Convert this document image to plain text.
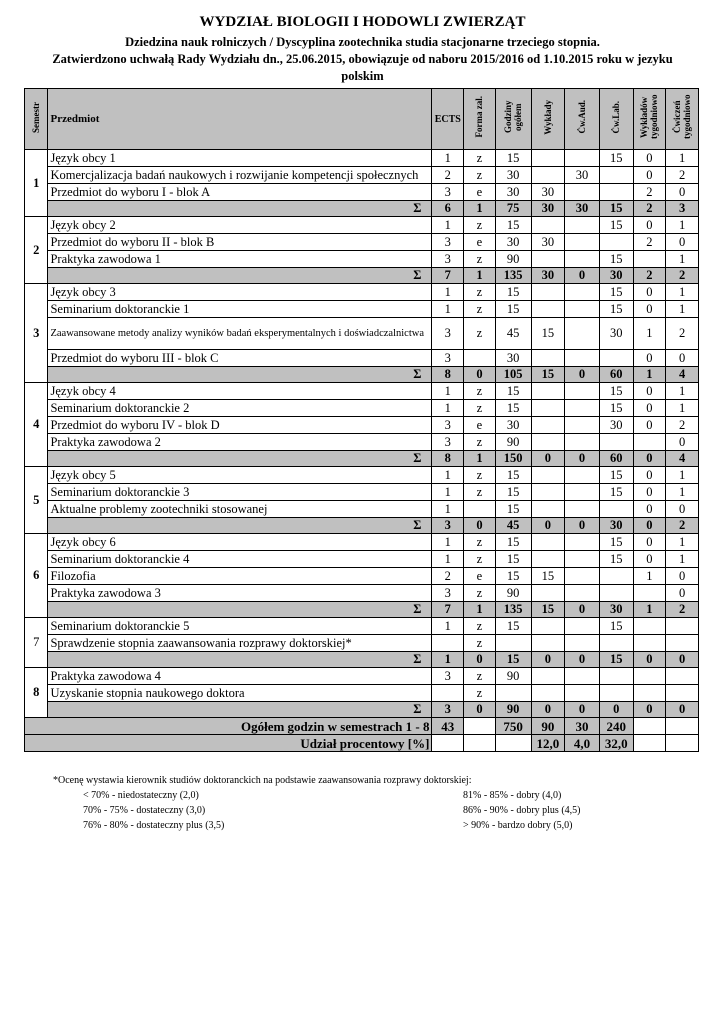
WYDZIAŁ BIOLOGII I HODOWLI ZWIERZĄT
Dziedzina nauk rolniczych / Dyscyplina zootechnika studia stacjonarne trzeciego stopnia.
Zatwierdzono uchwałą Rady Wydziału dn., 25.06.2015, obowiązuje od naboru 2015/2016 od 1.10.2015 roku w jezyku
polskim
Semestr	Przedmiot	ECTS	Forma zal.	Godziny ogółem	Wykłady	Ćw.Aud.	Ćw.Lab.	Wykładów tygodniowo	Ćwiczeń tygodniowo
1	Język obcy 1	1	z	15			15	0	1
	Komercjalizacja badań naukowych i rozwijanie kompetencji społecznych	2	z	30		30		0	2
	Przedmiot do wyboru I - blok A	3	e	30	30			2	0
	Σ	6	1	75	30	30	15	2	3
2	Język obcy 2	1	z	15			15	0	1
	Przedmiot do wyboru II - blok B	3	e	30	30			2	0
	Praktyka zawodowa 1	3	z	90			15		1
	Σ	7	1	135	30	0	30	2	2
3	Język obcy 3	1	z	15			15	0	1
	Seminarium doktoranckie 1	1	z	15			15	0	1
	Zaawansowane metody analizy wyników badań eksperymentalnych i doświadczalnictwa	3	z	45	15		30	1	2
	Przedmiot do wyboru III - blok C	3		30				0	0
	Σ	8	0	105	15	0	60	1	4
4	Język obcy 4	1	z	15			15	0	1
	Seminarium doktoranckie 2	1	z	15			15	0	1
	Przedmiot do wyboru IV - blok D	3	e	30			30	0	2
	Praktyka zawodowa 2	3	z	90					0
	Σ	8	1	150	0	0	60	0	4
5	Język obcy 5	1	z	15			15	0	1
	Seminarium doktoranckie 3	1	z	15			15	0	1
	Aktualne problemy zootechniki stosowanej	1		15				0	0
	Σ	3	0	45	0	0	30	0	2
6	Język obcy 6	1	z	15			15	0	1
	Seminarium doktoranckie 4	1	z	15			15	0	1
	Filozofia	2	e	15	15			1	0
	Praktyka zawodowa 3	3	z	90					0
	Σ	7	1	135	15	0	30	1	2
7	Seminarium doktoranckie 5	1	z	15			15		
	Sprawdzenie stopnia zaawansowania rozprawy doktorskiej*		z						
	Σ	1	0	15	0	0	15	0	0
8	Praktyka zawodowa 4	3	z	90					
	Uzyskanie stopnia naukowego doktora		z						
	Σ	3	0	90	0	0	0	0	0
Ogółem godzin w semestrach 1 - 8		43		750	90	30	240		
Udział procentowy [%]					12,0	4,0	32,0		
*Ocenę wystawia kierownik studiów doktoranckich na podstawie zaawansowania rozprawy doktorskiej:
< 70% - niedostateczny (2,0)	81% - 85% - dobry (4,0)
70% - 75% - dostateczny (3,0)	86% - 90% - dobry plus (4,5)
76% - 80% - dostateczny plus (3,5)	> 90% - bardzo dobry (5,0)
